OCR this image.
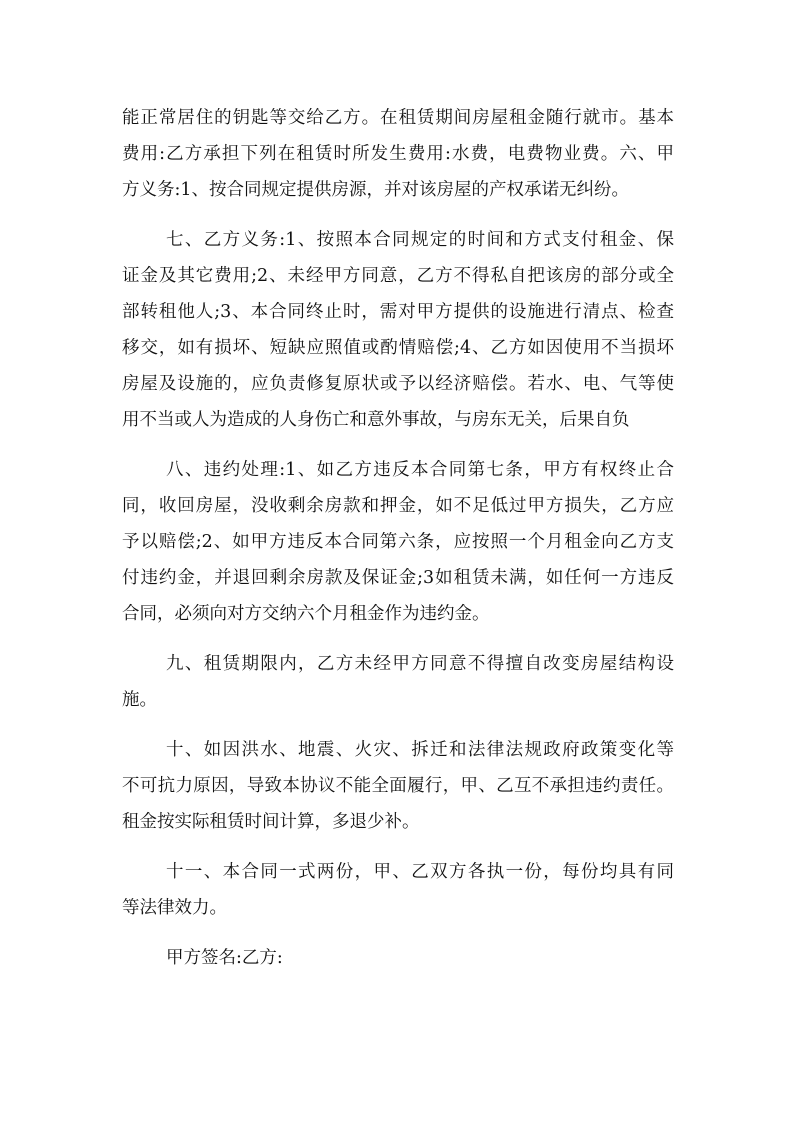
能正常居住的钥匙等交给乙方。在租赁期间房屋租金随行就市。基本
费用:乙方承担下列在租赁时所发生费用:水费，电费物业费。六、甲
方义务:1、按合同规定提供房源，并对该房屋的产权承诺无纠纷。
七、乙方义务:1、按照本合同规定的时间和方式支付租金、保
证金及其它费用;2、未经甲方同意，乙方不得私自把该房的部分或全
部转租他人;3、本合同终止时，需对甲方提供的设施进行清点、检查
移交，如有损坏、短缺应照值或酌情赔偿;4、乙方如因使用不当损坏
房屋及设施的，应负责修复原状或予以经济赔偿。若水、电、气等使
用不当或人为造成的人身伤亡和意外事故，与房东无关，后果自负
八、违约处理:1、如乙方违反本合同第七条，甲方有权终止合
同，收回房屋，没收剩余房款和押金，如不足低过甲方损失，乙方应
予以赔偿;2、如甲方违反本合同第六条，应按照一个月租金向乙方支
付违约金，并退回剩余房款及保证金;3如租赁未满，如任何一方违反
合同，必须向对方交纳六个月租金作为违约金。
九、租赁期限内，乙方未经甲方同意不得擅自改变房屋结构设
施。
十、如因洪水、地震、火灾、拆迁和法律法规政府政策变化等
不可抗力原因，导致本协议不能全面履行，甲、乙互不承担违约责任。
租金按实际租赁时间计算，多退少补。
十一、本合同一式两份，甲、乙双方各执一份，每份均具有同
等法律效力。
甲方签名:乙方:
